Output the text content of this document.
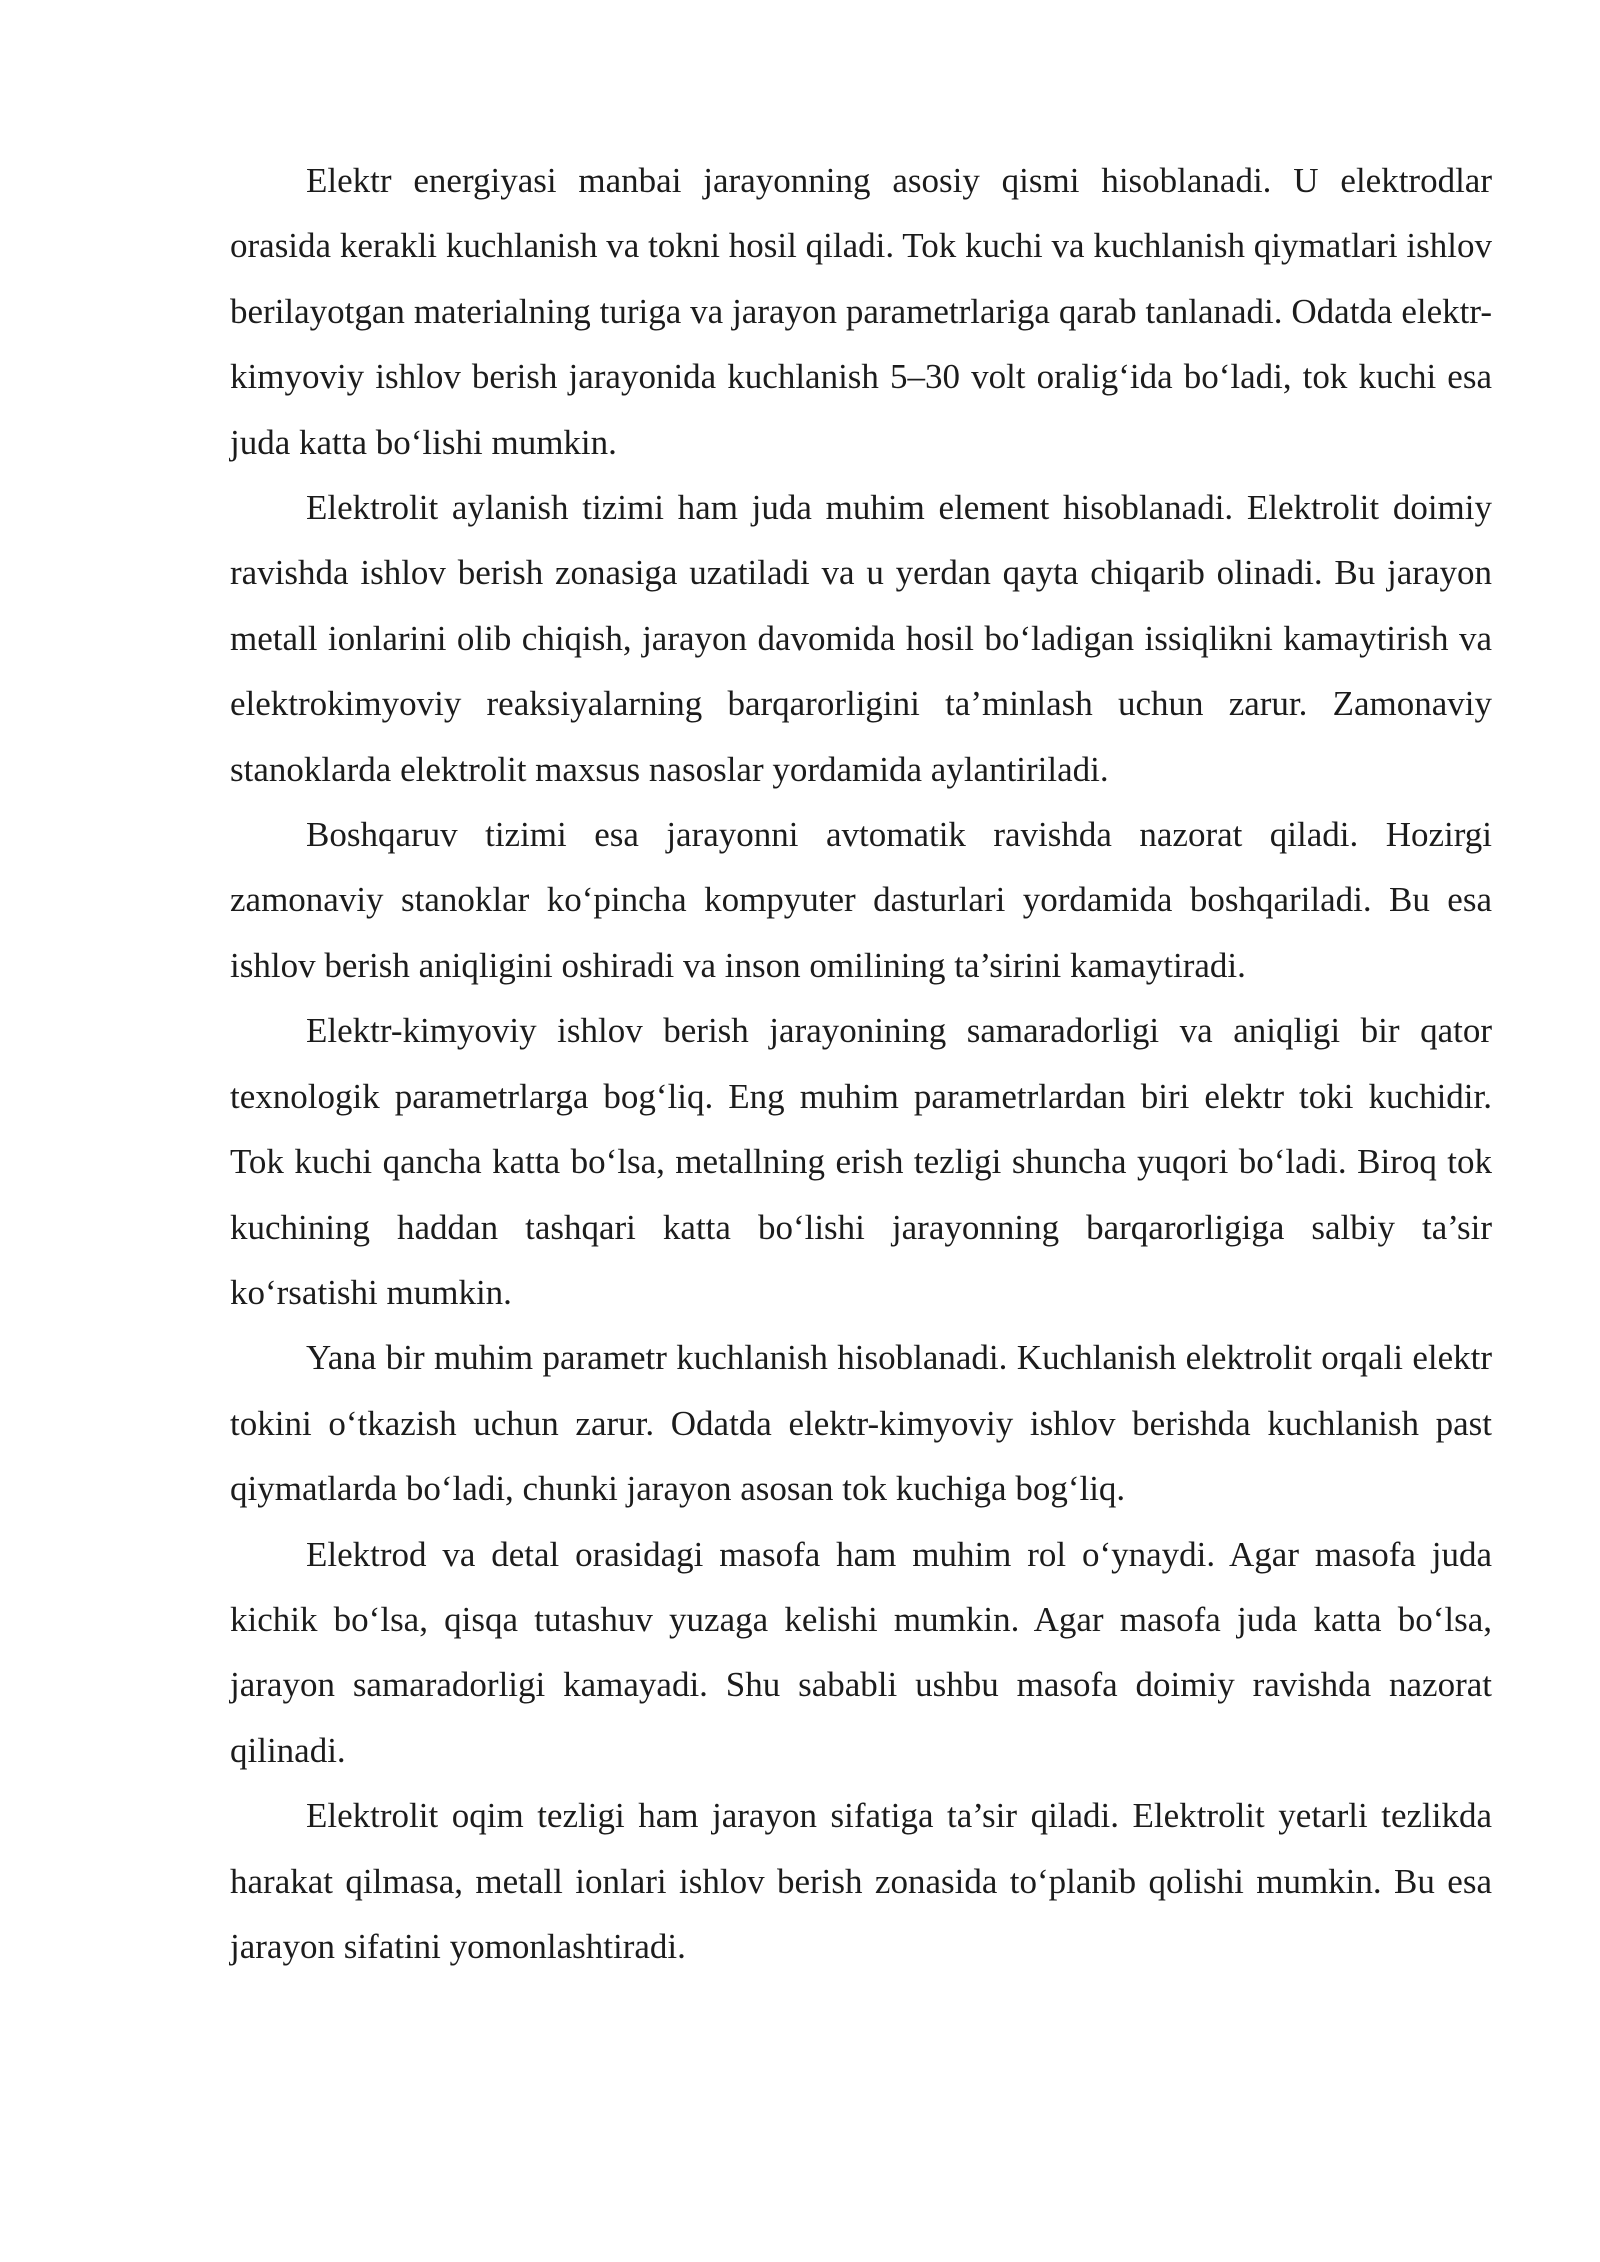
Elektr energiyasi manbai jarayonning asosiy qismi hisoblanadi. U elektrodlar orasida kerakli kuchlanish va tokni hosil qiladi. Tok kuchi va kuchlanish qiymatlari ishlov berilayotgan materialning turiga va jarayon parametrlariga qarab tanlanadi. Odatda elektr-kimyoviy ishlov berish jarayonida kuchlanish 5–30 volt oralig‘ida bo‘ladi, tok kuchi esa juda katta bo‘lishi mumkin.

Elektrolit aylanish tizimi ham juda muhim element hisoblanadi. Elektrolit doimiy ravishda ishlov berish zonasiga uzatiladi va u yerdan qayta chiqarib olinadi. Bu jarayon metall ionlarini olib chiqish, jarayon davomida hosil bo‘ladigan issiqlikni kamaytirish va elektrokimyoviy reaksiyalarning barqarorligini ta’minlash uchun zarur. Zamonaviy stanoklarda elektrolit maxsus nasoslar yordamida aylantiriladi.

Boshqaruv tizimi esa jarayonni avtomatik ravishda nazorat qiladi. Hozirgi zamonaviy stanoklar ko‘pincha kompyuter dasturlari yordamida boshqariladi. Bu esa ishlov berish aniqligini oshiradi va inson omilining ta’sirini kamaytiradi.

Elektr-kimyoviy ishlov berish jarayonining samaradorligi va aniqligi bir qator texnologik parametrlarga bog‘liq. Eng muhim parametrlardan biri elektr toki kuchidir. Tok kuchi qancha katta bo‘lsa, metallning erish tezligi shuncha yuqori bo‘ladi. Biroq tok kuchining haddan tashqari katta bo‘lishi jarayonning barqarorligiga salbiy ta’sir ko‘rsatishi mumkin.

Yana bir muhim parametr kuchlanish hisoblanadi. Kuchlanish elektrolit orqali elektr tokini o‘tkazish uchun zarur. Odatda elektr-kimyoviy ishlov berishda kuchlanish past qiymatlarda bo‘ladi, chunki jarayon asosan tok kuchiga bog‘liq.

Elektrod va detal orasidagi masofa ham muhim rol o‘ynaydi. Agar masofa juda kichik bo‘lsa, qisqa tutashuv yuzaga kelishi mumkin. Agar masofa juda katta bo‘lsa, jarayon samaradorligi kamayadi. Shu sababli ushbu masofa doimiy ravishda nazorat qilinadi.

Elektrolit oqim tezligi ham jarayon sifatiga ta’sir qiladi. Elektrolit yetarli tezlikda harakat qilmasa, metall ionlari ishlov berish zonasida to‘planib qolishi mumkin. Bu esa jarayon sifatini yomonlashtiradi.
